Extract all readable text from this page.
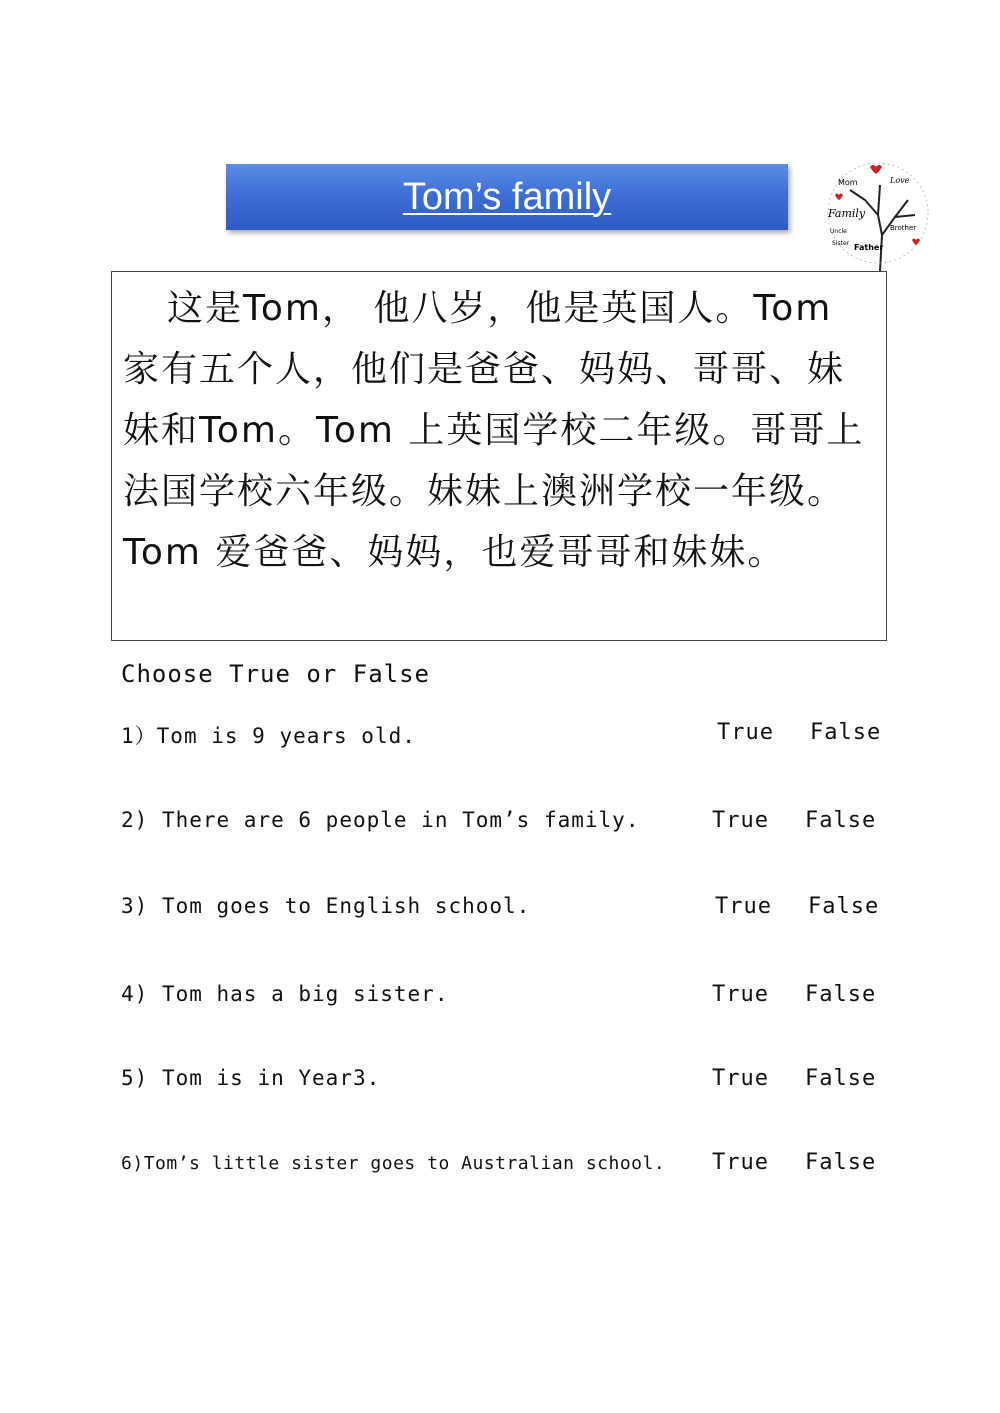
Tom’s family	Family
Mom	Love
Uncle
Sister Father
Brother

这是Tom， 他八岁，他是英国人。Tom 家有五个人，他们是爸爸、妈妈、哥哥、妹妹和Tom。Tom 上英国学校二年级。哥哥上法国学校六年级。妹妹上澳洲学校一年级。Tom 爱爸爸、妈妈，也爱哥哥和妹妹。

Choose True or False
1）Tom is 9 years old.	True False
2) There are 6 people in Tom’s family.	True False
3) Tom goes to English school.	True False
4) Tom has a big sister.	True False
5) Tom is in Year3.	True False
6)Tom’s little sister goes to Australian school. True False
